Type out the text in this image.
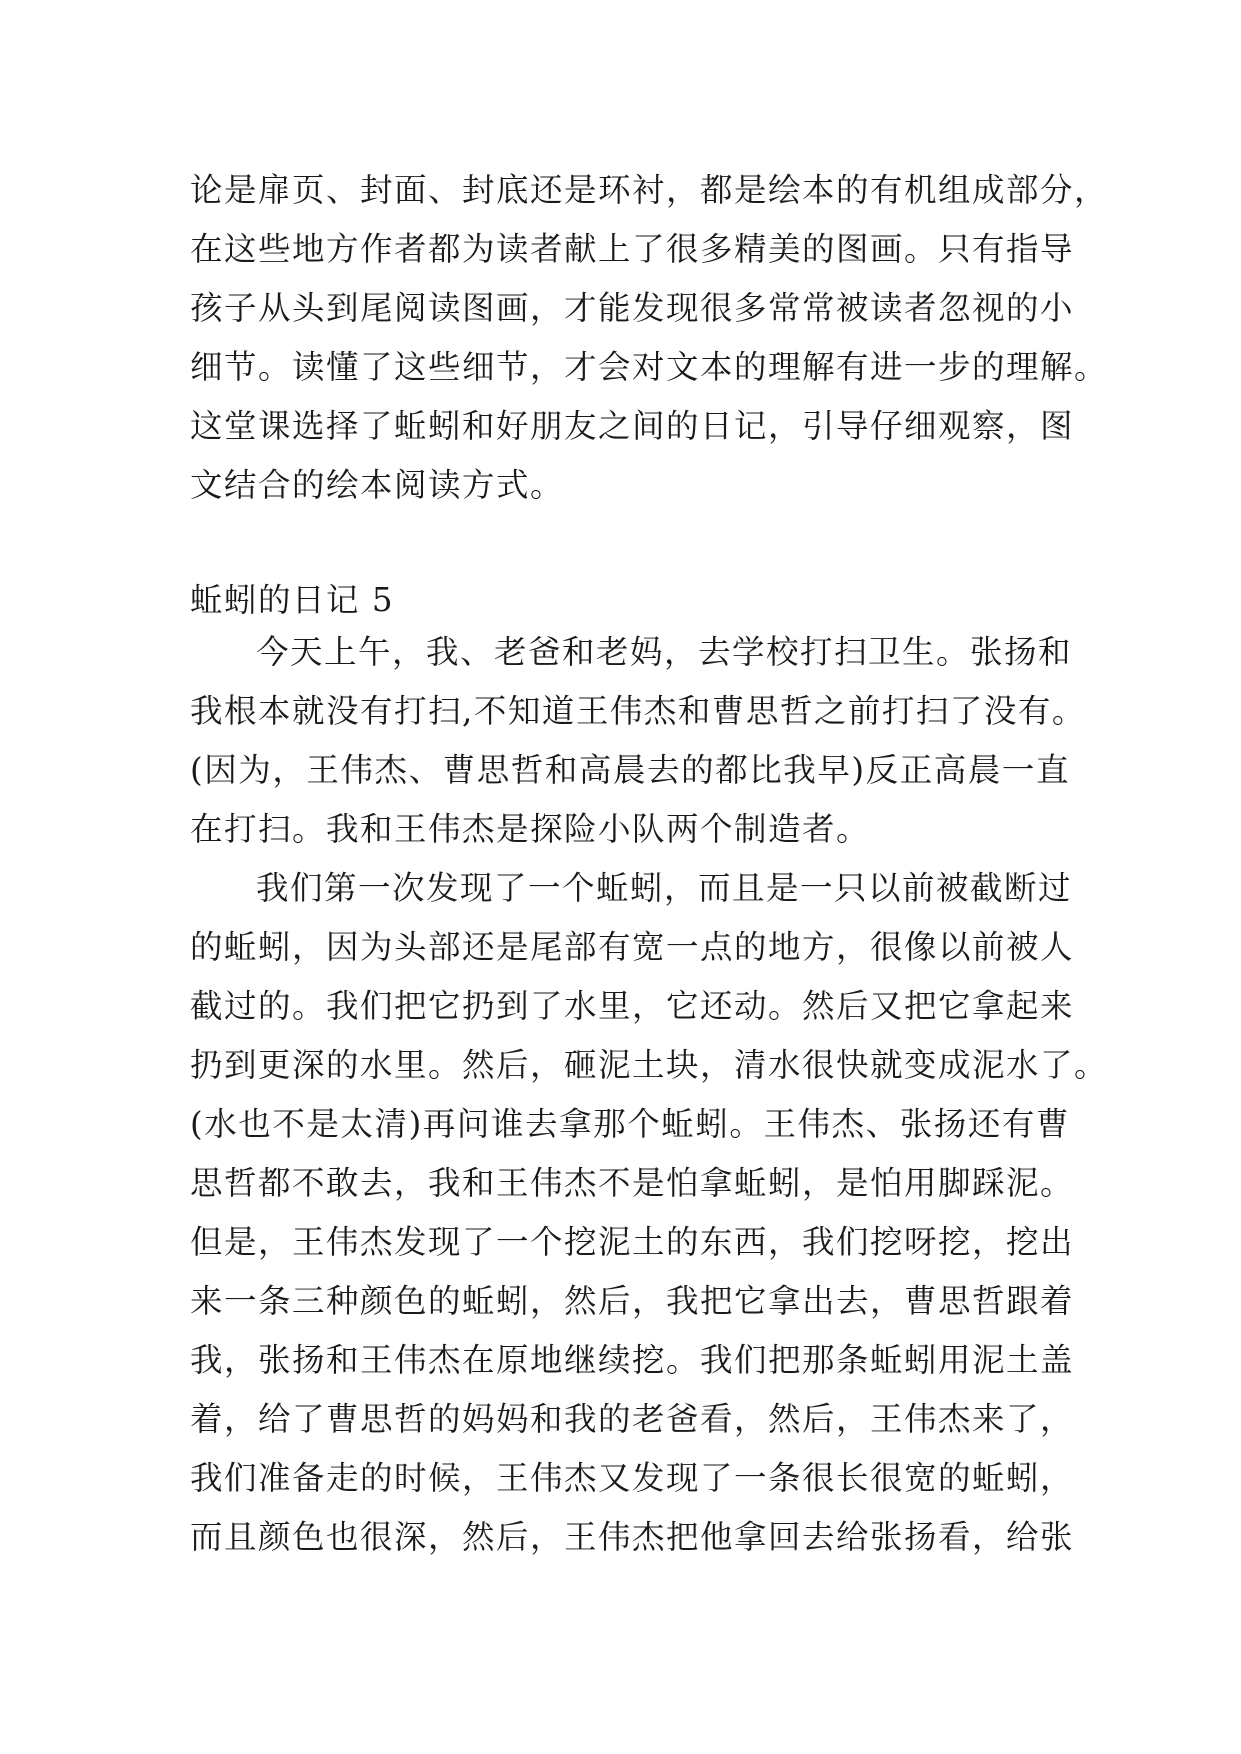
论是扉页、封面、封底还是环衬，都是绘本的有机组成部分，
在这些地方作者都为读者献上了很多精美的图画。只有指导
孩子从头到尾阅读图画，才能发现很多常常被读者忽视的小
细节。读懂了这些细节，才会对文本的理解有进一步的理解。
这堂课选择了蚯蚓和好朋友之间的日记，引导仔细观察，图
文结合的绘本阅读方式。
蚯蚓的日记 5
今天上午，我、老爸和老妈，去学校打扫卫生。张扬和
我根本就没有打扫,不知道王伟杰和曹思哲之前打扫了没有。
(因为，王伟杰、曹思哲和高晨去的都比我早)反正高晨一直
在打扫。我和王伟杰是探险小队两个制造者。
我们第一次发现了一个蚯蚓，而且是一只以前被截断过
的蚯蚓，因为头部还是尾部有宽一点的地方，很像以前被人
截过的。我们把它扔到了水里，它还动。然后又把它拿起来
扔到更深的水里。然后，砸泥土块，清水很快就变成泥水了。
(水也不是太清)再问谁去拿那个蚯蚓。王伟杰、张扬还有曹
思哲都不敢去，我和王伟杰不是怕拿蚯蚓，是怕用脚踩泥。
但是，王伟杰发现了一个挖泥土的东西，我们挖呀挖，挖出
来一条三种颜色的蚯蚓，然后，我把它拿出去，曹思哲跟着
我，张扬和王伟杰在原地继续挖。我们把那条蚯蚓用泥土盖
着，给了曹思哲的妈妈和我的老爸看，然后，王伟杰来了，
我们准备走的时候，王伟杰又发现了一条很长很宽的蚯蚓，
而且颜色也很深，然后，王伟杰把他拿回去给张扬看，给张
